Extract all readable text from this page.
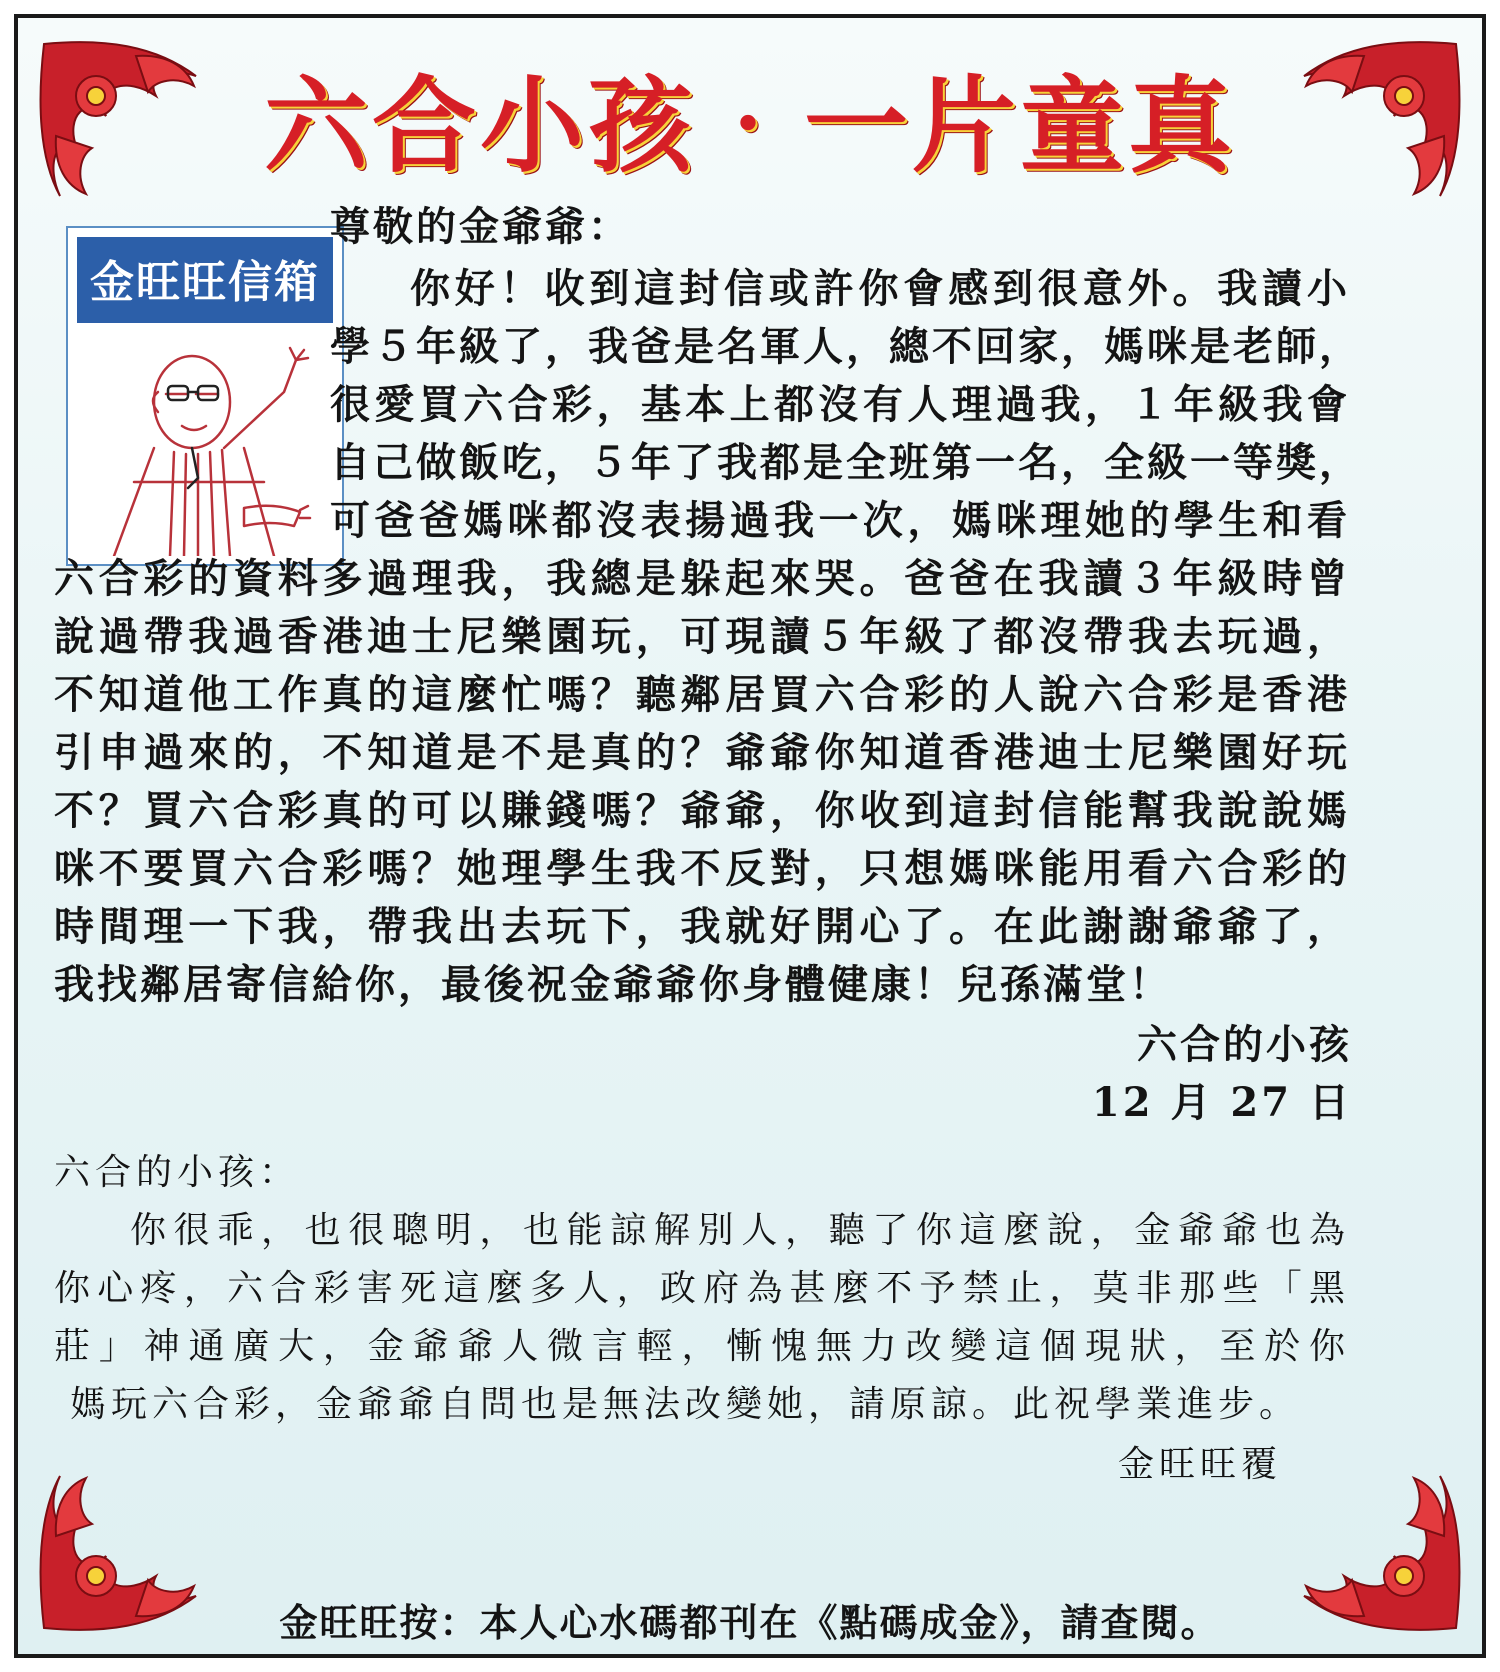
六合小孩‧一片童真
金旺旺信箱
尊敬的金爺爺：
你好！收到這封信或許你會感到很意外。我讀小
學５年級了，我爸是名軍人，總不回家，媽咪是老師，
很愛買六合彩，基本上都沒有人理過我，１年級我會
自己做飯吃，５年了我都是全班第一名，全級一等獎，
可爸爸媽咪都沒表揚過我一次，媽咪理她的學生和看
六合彩的資料多過理我，我總是躲起來哭。爸爸在我讀３年級時曾
說過帶我過香港迪士尼樂園玩，可現讀５年級了都沒帶我去玩過，
不知道他工作真的這麼忙嗎？聽鄰居買六合彩的人說六合彩是香港
引申過來的，不知道是不是真的？爺爺你知道香港迪士尼樂園好玩
不？買六合彩真的可以賺錢嗎？爺爺，你收到這封信能幫我說說媽
咪不要買六合彩嗎？她理學生我不反對，只想媽咪能用看六合彩的
時間理一下我，帶我出去玩下，我就好開心了。在此謝謝爺爺了，
我找鄰居寄信給你，最後祝金爺爺你身體健康！兒孫滿堂！
六合的小孩
12 月 27 日
六合的小孩：
你很乖，也很聰明，也能諒解別人，聽了你這麼說，金爺爺也為
你心疼，六合彩害死這麼多人，政府為甚麼不予禁止，莫非那些「黑
莊」神通廣大，金爺爺人微言輕，慚愧無力改變這個現狀，至於你
媽玩六合彩，金爺爺自問也是無法改變她，請原諒。此祝學業進步。
金旺旺覆
金旺旺按：本人心水碼都刊在《點碼成金》，請查閱。
